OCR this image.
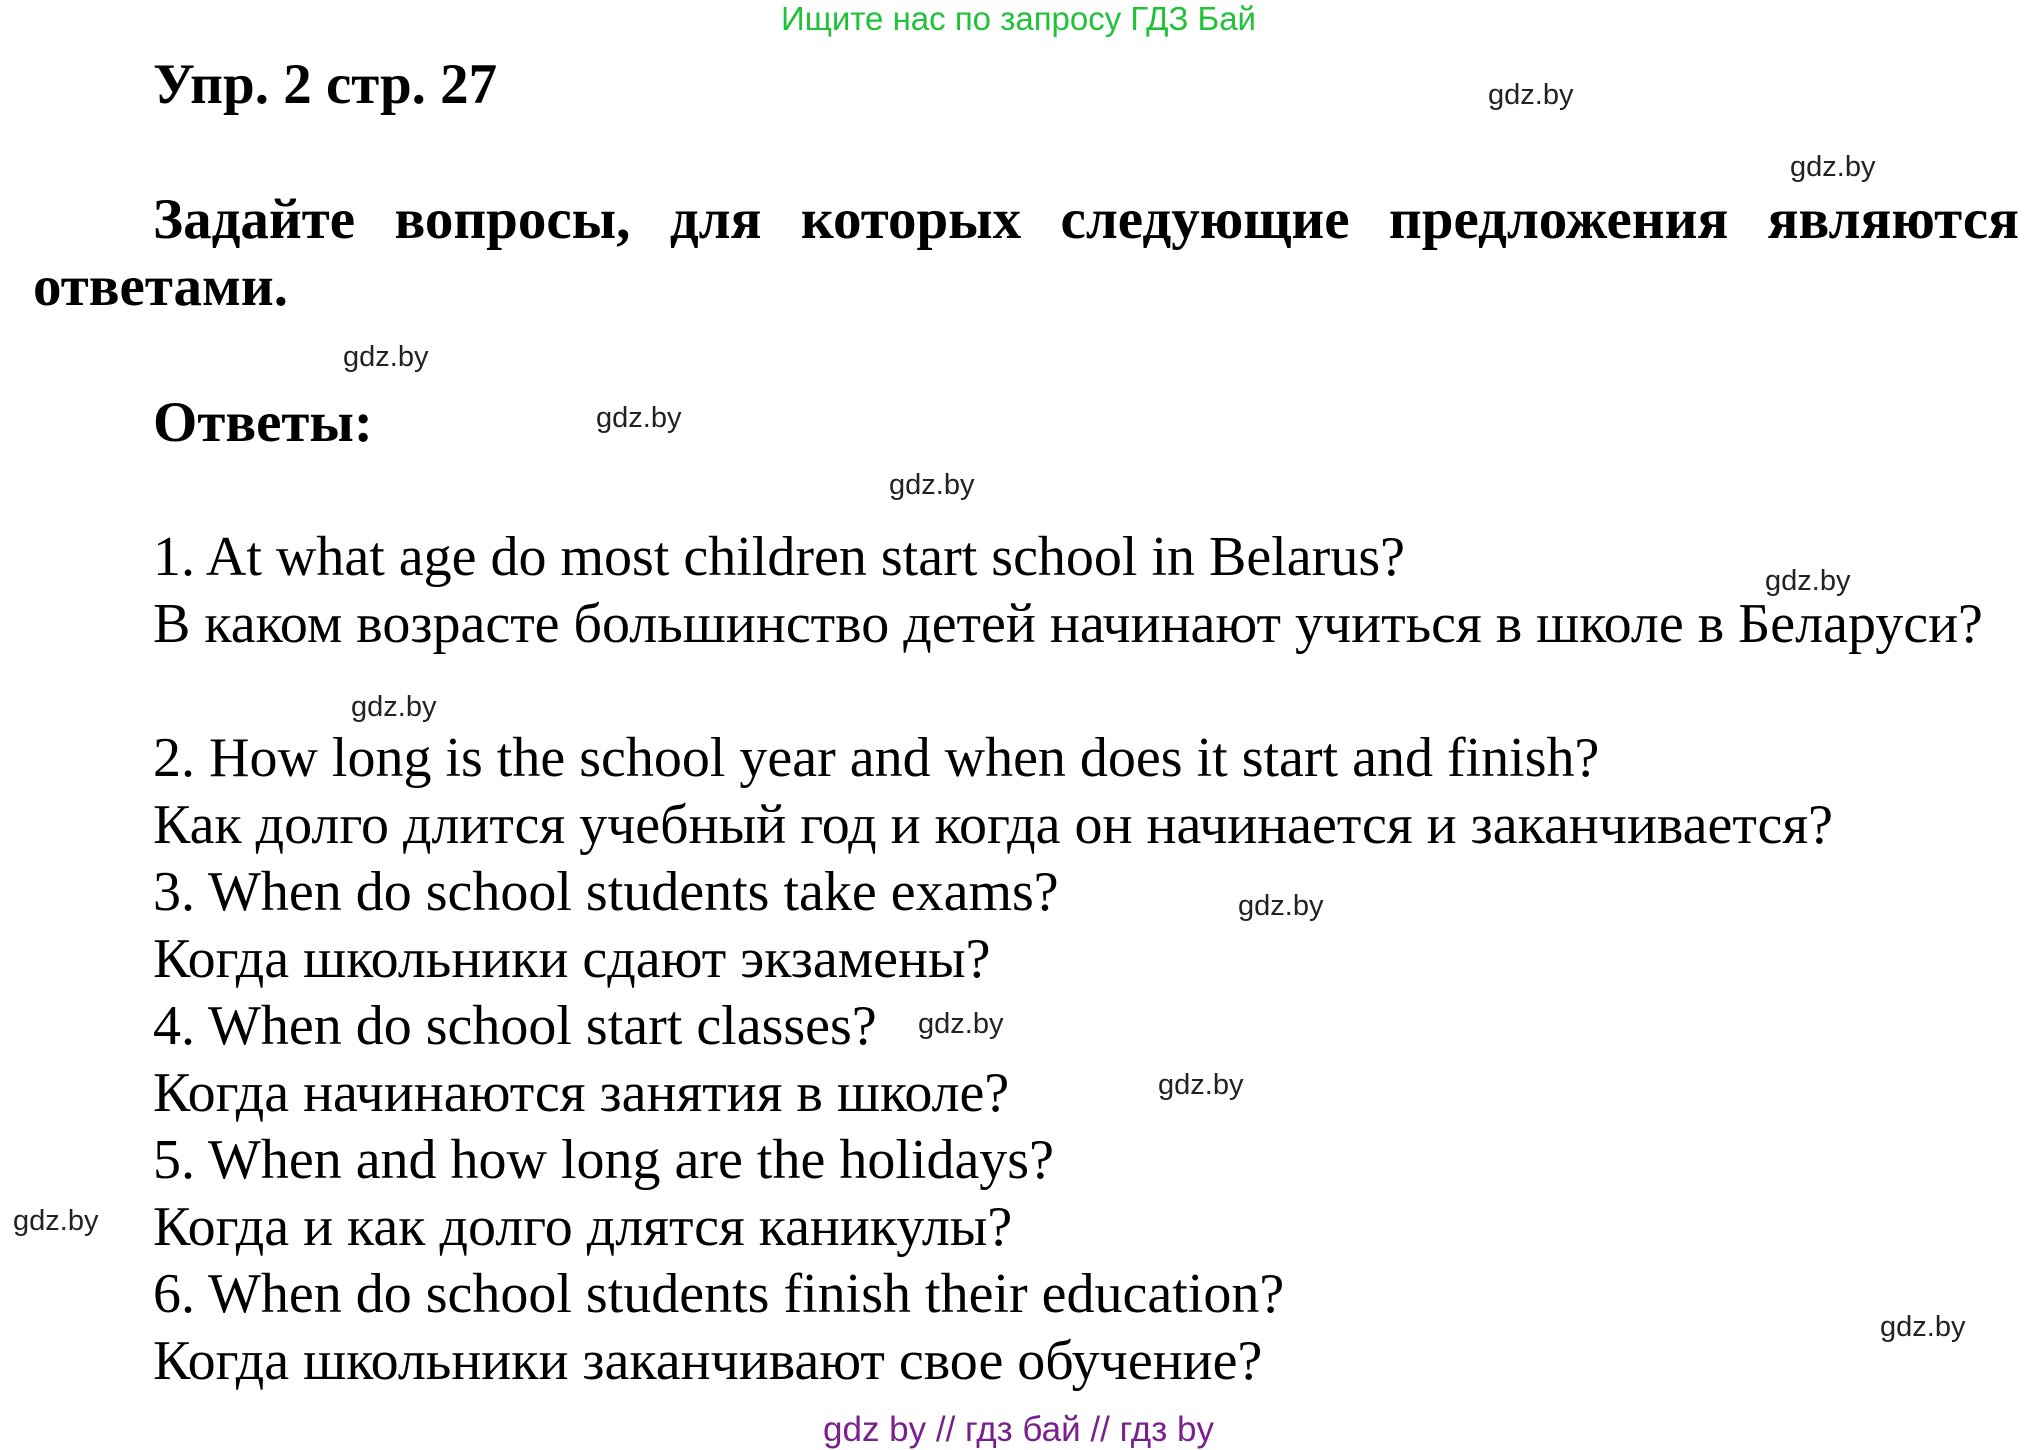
Ищите нас по запросу ГДЗ Бай
Упр. 2 стр. 27
Задайте вопросы, для которых следующие предложения являются ответами.
Ответы:
1. At what age do most children start school in Belarus?
В каком возрасте большинство детей начинают учиться в школе в Беларуси?
2. How long is the school year and when does it start and finish?
Как долго длится учебный год и когда он начинается и заканчивается?
3. When do school students take exams?
Когда школьники сдают экзамены?
4. When do school start classes?
Когда начинаются занятия в школе?
5. When and how long are the holidays?
Когда и как долго длятся каникулы?
6. When do school students finish their education?
Когда школьники заканчивают свое обучение?
gdz.by
gdz.by
gdz.by
gdz.by
gdz.by
gdz.by
gdz.by
gdz.by
gdz.by
gdz.by
gdz.by
gdz.by
gdz by // гдз бай // гдз by
